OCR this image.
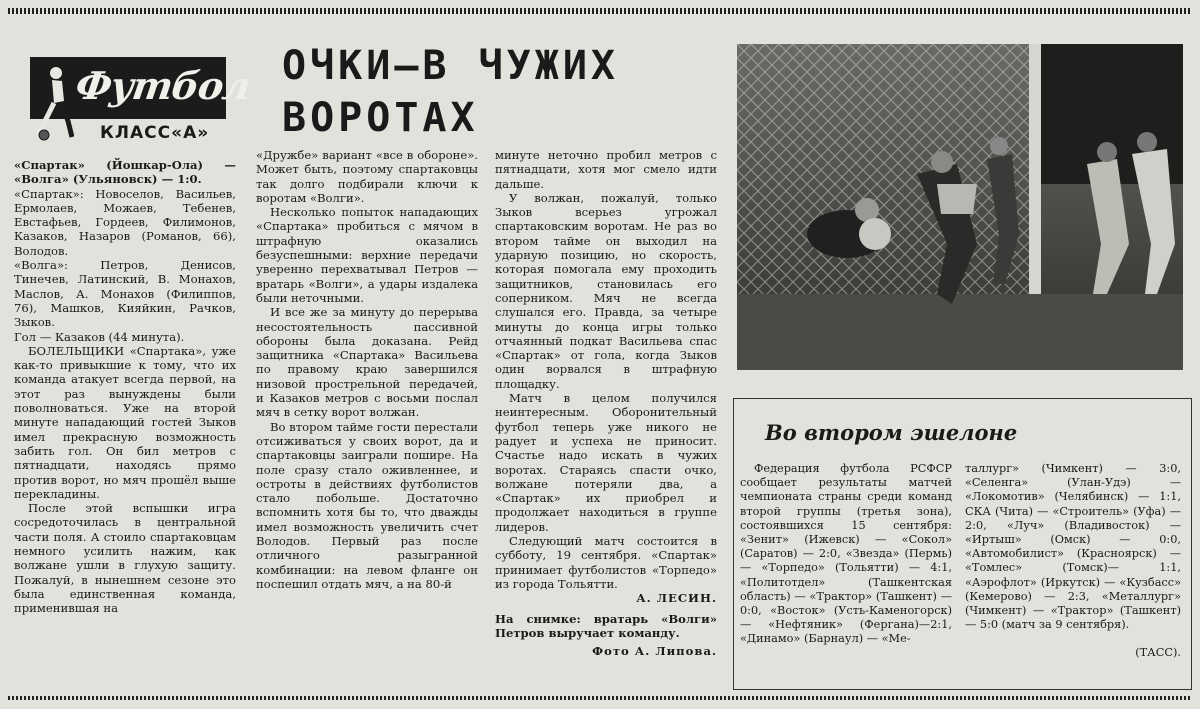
Футбол
КЛАСС«А»
ОЧКИ—В ЧУЖИХ
ВОРОТАХ

«Спартак» (Йошкар-Ола) — «Волга» (Ульяновск) — 1:0.

«Спартак»: Новоселов, Васильев, Ермолаев, Можаев, Тебенев, Евстафьев, Гордеев, Филимонов, Казаков, Назаров (Романов, 66), Володов.

«Волга»: Петров, Денисов, Тинечев, Латинский, В. Монахов, Маслов, А. Монахов (Филиппов, 76), Машков, Кияйкин, Рачков, Зыков.

Гол — Казаков (44 минута).

БОЛЕЛЬЩИКИ «Спартака», уже как-то привыкшие к тому, что их команда атакует всегда первой, на этот раз вынуждены были поволноваться. Уже на второй минуте нападающий гостей Зыков имел прекрасную возможность забить гол. Он бил метров с пятнадцати, находясь прямо против ворот, но мяч прошёл выше перекладины.

После этой вспышки игра сосредоточилась в центральной части поля. А стоило спартаковцам немного усилить нажим, как волжане ушли в глухую защиту. Пожалуй, в нынешнем сезоне это была единственная команда, применившая на

«Дружбе» вариант «все в обороне». Может быть, поэтому спартаковцы так долго подбирали ключи к воротам «Волги».

Несколько попыток нападающих «Спартака» пробиться с мячом в штрафную оказались безуспешными: верхние передачи уверенно перехватывал Петров — вратарь «Волги», а удары издалека были неточными.

И все же за минуту до перерыва несостоятельность пассивной обороны была доказана. Рейд защитника «Спартака» Васильева по правому краю завершился низовой прострельной передачей, и Казаков метров с восьми послал мяч в сетку ворот волжан.

Во втором тайме гости перестали отсиживаться у своих ворот, да и спартаковцы заиграли пошире. На поле сразу стало оживленнее, и остроты в действиях футболистов стало побольше. Достаточно вспомнить хотя бы то, что дважды имел возможность увеличить счет Володов. Первый раз после отличного разыгранной комбинации: на левом фланге он поспешил отдать мяч, а на 80-й

минуте неточно пробил метров с пятнадцати, хотя мог смело идти дальше.

У волжан, пожалуй, только Зыков всерьез угрожал спартаковским воротам. Не раз во втором тайме он выходил на ударную позицию, но скорость, которая помогала ему проходить защитников, становилась его соперником. Мяч не всегда слушался его. Правда, за четыре минуты до конца игры только отчаянный подкат Васильева спас «Спартак» от гола, когда Зыков один ворвался в штрафную площадку.

Матч в целом получился неинтересным. Оборонительный футбол теперь уже никого не радует и успеха не приносит. Счастье надо искать в чужих воротах. Стараясь спасти очко, волжане потеряли два, а «Спартак» их приобрел и продолжает находиться в группе лидеров.

Следующий матч состоится в субботу, 19 сентября. «Спартак» принимает футболистов «Торпедо» из города Тольятти.

А. ЛЕСИН.

На снимке: вратарь «Волги» Петров выручает команду.

Фото А. Липова.

Во втором эшелоне

Федерация футбола РСФСР сообщает результаты матчей чемпионата страны среди команд второй группы (третья зона), состоявшихся 15 сентября: «Зенит» (Ижевск) — «Сокол» (Саратов) — 2:0, «Звезда» (Пермь) — «Торпедо» (Тольятти) — 4:1, «Политотдел» (Ташкентская область) — «Трактор» (Ташкент) — 0:0, «Восток» (Усть-Каменогорск) — «Нефтяник» (Фергана)—2:1, «Динамо» (Барнаул) — «Ме-

таллург» (Чимкент) — 3:0, «Селенга» (Улан-Удэ) — «Локомотив» (Челябинск) — 1:1, СКА (Чита) — «Строитель» (Уфа) — 2:0, «Луч» (Владивосток) — «Иртыш» (Омск) — 0:0, «Автомобилист» (Красноярск) — «Томлес» (Томск)— 1:1, «Аэрофлот» (Иркутск) — «Кузбасс» (Кемерово) — 2:3, «Металлург» (Чимкент) — «Трактор» (Ташкент) — 5:0 (матч за 9 сентября).

(ТАСС).
